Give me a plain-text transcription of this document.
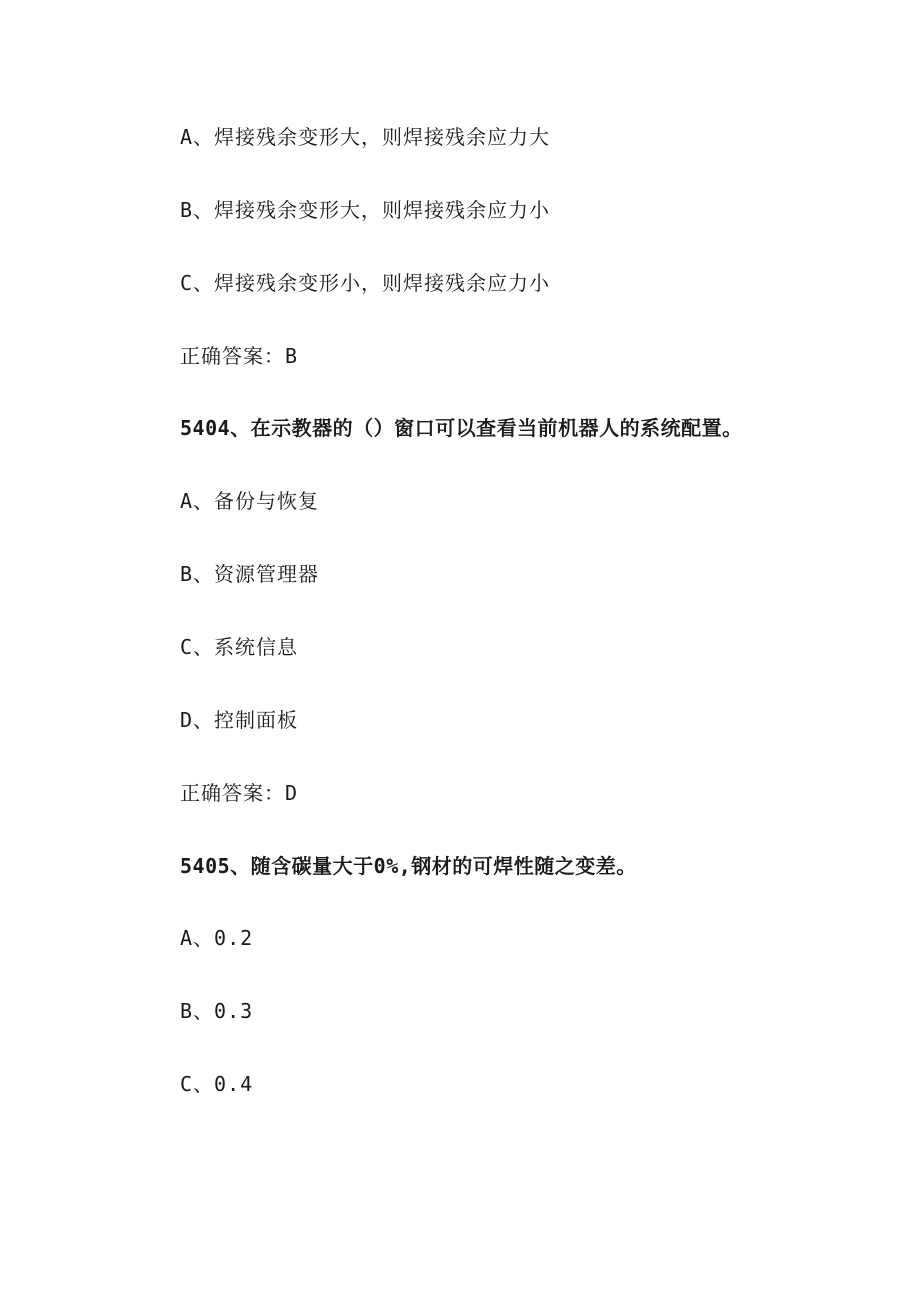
A、焊接残余变形大，则焊接残余应力大
B、焊接残余变形大，则焊接残余应力小
C、焊接残余变形小，则焊接残余应力小
正确答案：B
5404、在示教器的（）窗口可以查看当前机器人的系统配置。
A、备份与恢复
B、资源管理器
C、系统信息
D、控制面板
正确答案：D
5405、随含碳量大于0%,钢材的可焊性随之变差。
A、0.2
B、0.3
C、0.4
